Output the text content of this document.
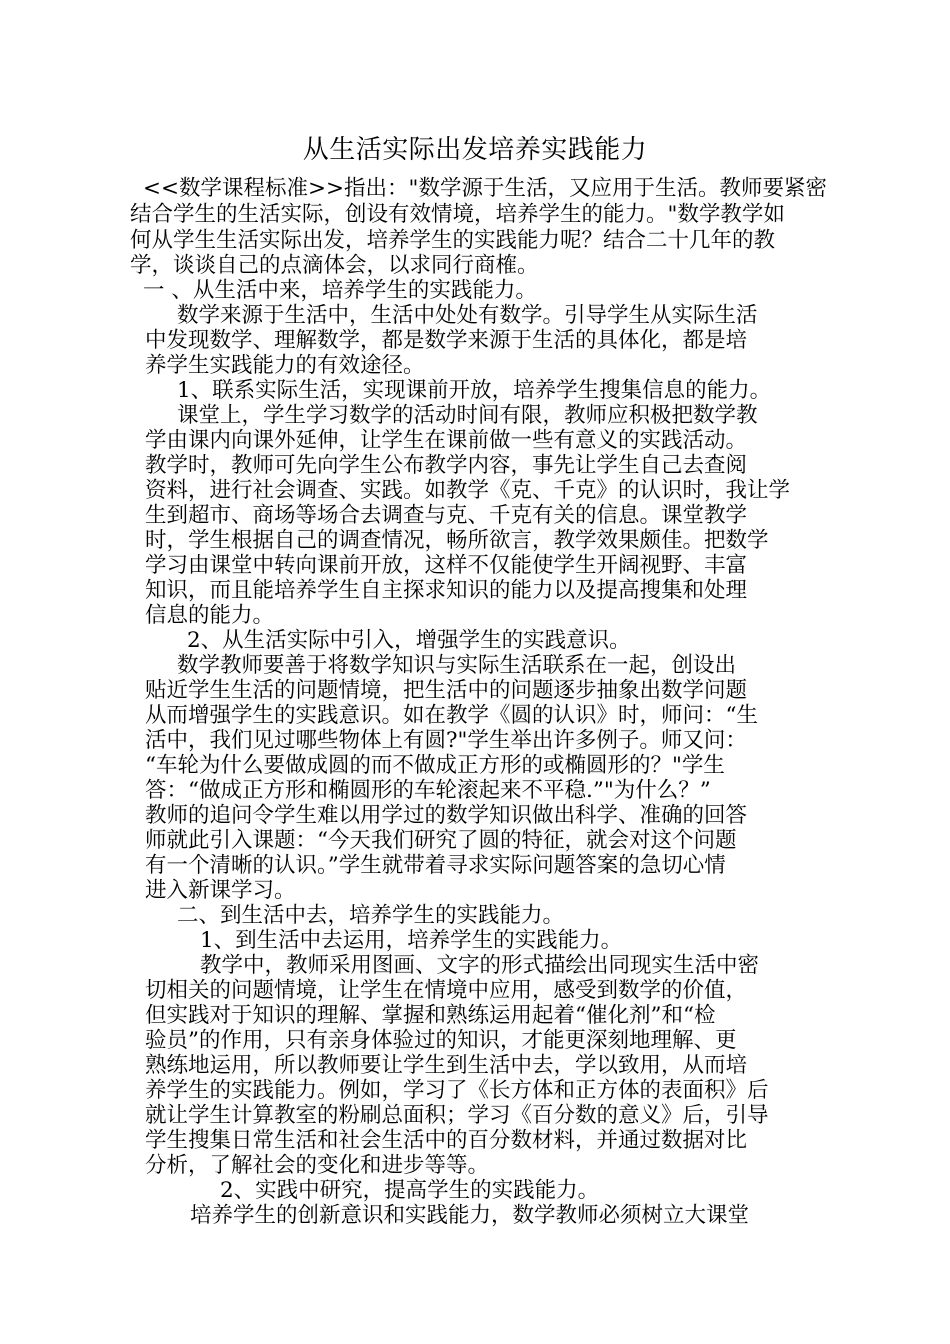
从生活实际出发培养实践能力
<<数学课程标准>>指出："数学源于生活，又应用于生活。教师要紧密
结合学生的生活实际，创设有效情境，培养学生的能力。"数学教学如
何从学生生活实际出发，培养学生的实践能力呢？结合二十几年的教
学，谈谈自己的点滴体会，以求同行商榷。
一 、从生活中来，培养学生的实践能力。
数学来源于生活中，生活中处处有数学。引导学生从实际生活
中发现数学、理解数学，都是数学来源于生活的具体化，都是培
养学生实践能力的有效途径。
1、联系实际生活，实现课前开放，培养学生搜集信息的能力。
课堂上，学生学习数学的活动时间有限，教师应积极把数学教
学由课内向课外延伸，让学生在课前做一些有意义的实践活动。
教学时，教师可先向学生公布教学内容，事先让学生自己去查阅
资料，进行社会调查、实践。如教学《克、千克》的认识时，我让学
生到超市、商场等场合去调查与克、千克有关的信息。课堂教学
时，学生根据自己的调查情况，畅所欲言，教学效果颇佳。把数学
学习由课堂中转向课前开放，这样不仅能使学生开阔视野、丰富
知识，而且能培养学生自主探求知识的能力以及提高搜集和处理
信息的能力。
2、从生活实际中引入，增强学生的实践意识。
数学教师要善于将数学知识与实际生活联系在一起，创设出
贴近学生生活的问题情境，把生活中的问题逐步抽象出数学问题
从而增强学生的实践意识。如在教学《圆的认识》时，师问：“生
活中，我们见过哪些物体上有圆?"学生举出许多例子。师又问：
“车轮为什么要做成圆的而不做成正方形的或椭圆形的？"学生
答：“做成正方形和椭圆形的车轮滚起来不平稳.”"为什么？”
教师的追问令学生难以用学过的数学知识做出科学、准确的回答
师就此引入课题：“今天我们研究了圆的特征，就会对这个问题
有一个清晰的认识。”学生就带着寻求实际问题答案的急切心情
进入新课学习。
二、到生活中去，培养学生的实践能力。
1、到生活中去运用，培养学生的实践能力。
教学中，教师采用图画、文字的形式描绘出同现实生活中密
切相关的问题情境，让学生在情境中应用，感受到数学的价值，
但实践对于知识的理解、掌握和熟练运用起着“催化剂”和“检
验员”的作用，只有亲身体验过的知识，才能更深刻地理解、更
熟练地运用，所以教师要让学生到生活中去，学以致用，从而培
养学生的实践能力。例如，学习了《长方体和正方体的表面积》后
就让学生计算教室的粉刷总面积；学习《百分数的意义》后，引导
学生搜集日常生活和社会生活中的百分数材料，并通过数据对比
分析，了解社会的变化和进步等等。
2、实践中研究，提高学生的实践能力。
培养学生的创新意识和实践能力，数学教师必须树立大课堂
